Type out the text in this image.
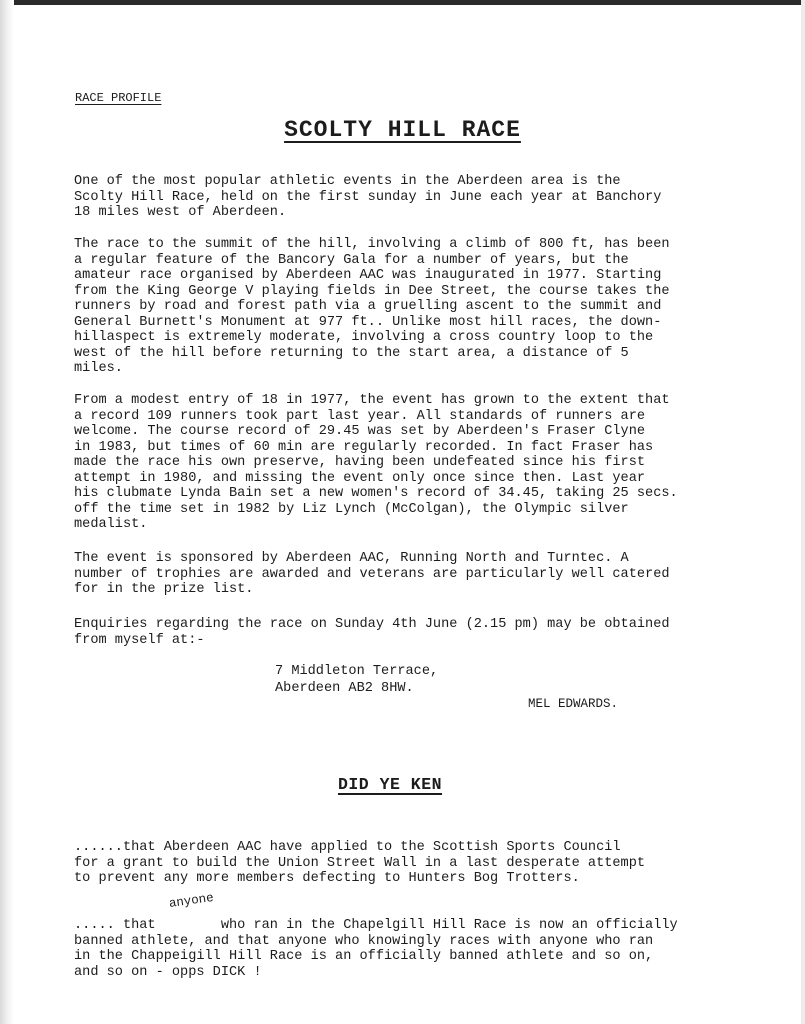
RACE PROFILE

SCOLTY HILL RACE

One of the most popular athletic events in the Aberdeen area is the
Scolty Hill Race, held on the first sunday in June each year at Banchory
18 miles west of Aberdeen.

The race to the summit of the hill, involving a climb of 800 ft, has been
a regular feature of the Bancory Gala for a number of years, but the
amateur race organised by Aberdeen AAC was inaugurated in 1977. Starting
from the King George V playing fields in Dee Street, the course takes the
runners by road and forest path via a gruelling ascent to the summit and
General Burnett's Monument at 977 ft.. Unlike most hill races, the down-
hillaspect is extremely moderate, involving a cross country loop to the
west of the hill before returning to the start area, a distance of 5
miles.

From a modest entry of 18 in 1977, the event has grown to the extent that
a record 109 runners took part last year. All standards of runners are
welcome. The course record of 29.45 was set by Aberdeen's Fraser Clyne
in 1983, but times of 60 min are regularly recorded. In fact Fraser has
made the race his own preserve, having been undefeated since his first
attempt in 1980, and missing the event only once since then. Last year
his clubmate Lynda Bain set a new women's record of 34.45, taking 25 secs.
off the time set in 1982 by Liz Lynch (McColgan), the Olympic silver
medalist.

The event is sponsored by Aberdeen AAC, Running North and Turntec. A
number of trophies are awarded and veterans are particularly well catered
for in the prize list.

Enquiries regarding the race on Sunday 4th June (2.15 pm) may be obtained
from myself at:-

7 Middleton Terrace,
Aberdeen AB2 8HW.

MEL EDWARDS.

DID YE KEN

......that Aberdeen AAC have applied to the Scottish Sports Council
for a grant to build the Union Street Wall in a last desperate attempt
to prevent any more members defecting to Hunters Bog Trotters.

anyone

..... that        who ran in the Chapelgill Hill Race is now an officially
banned athlete, and that anyone who knowingly races with anyone who ran
in the Chappeigill Hill Race is an officially banned athlete and so on,
and so on - opps DICK !
